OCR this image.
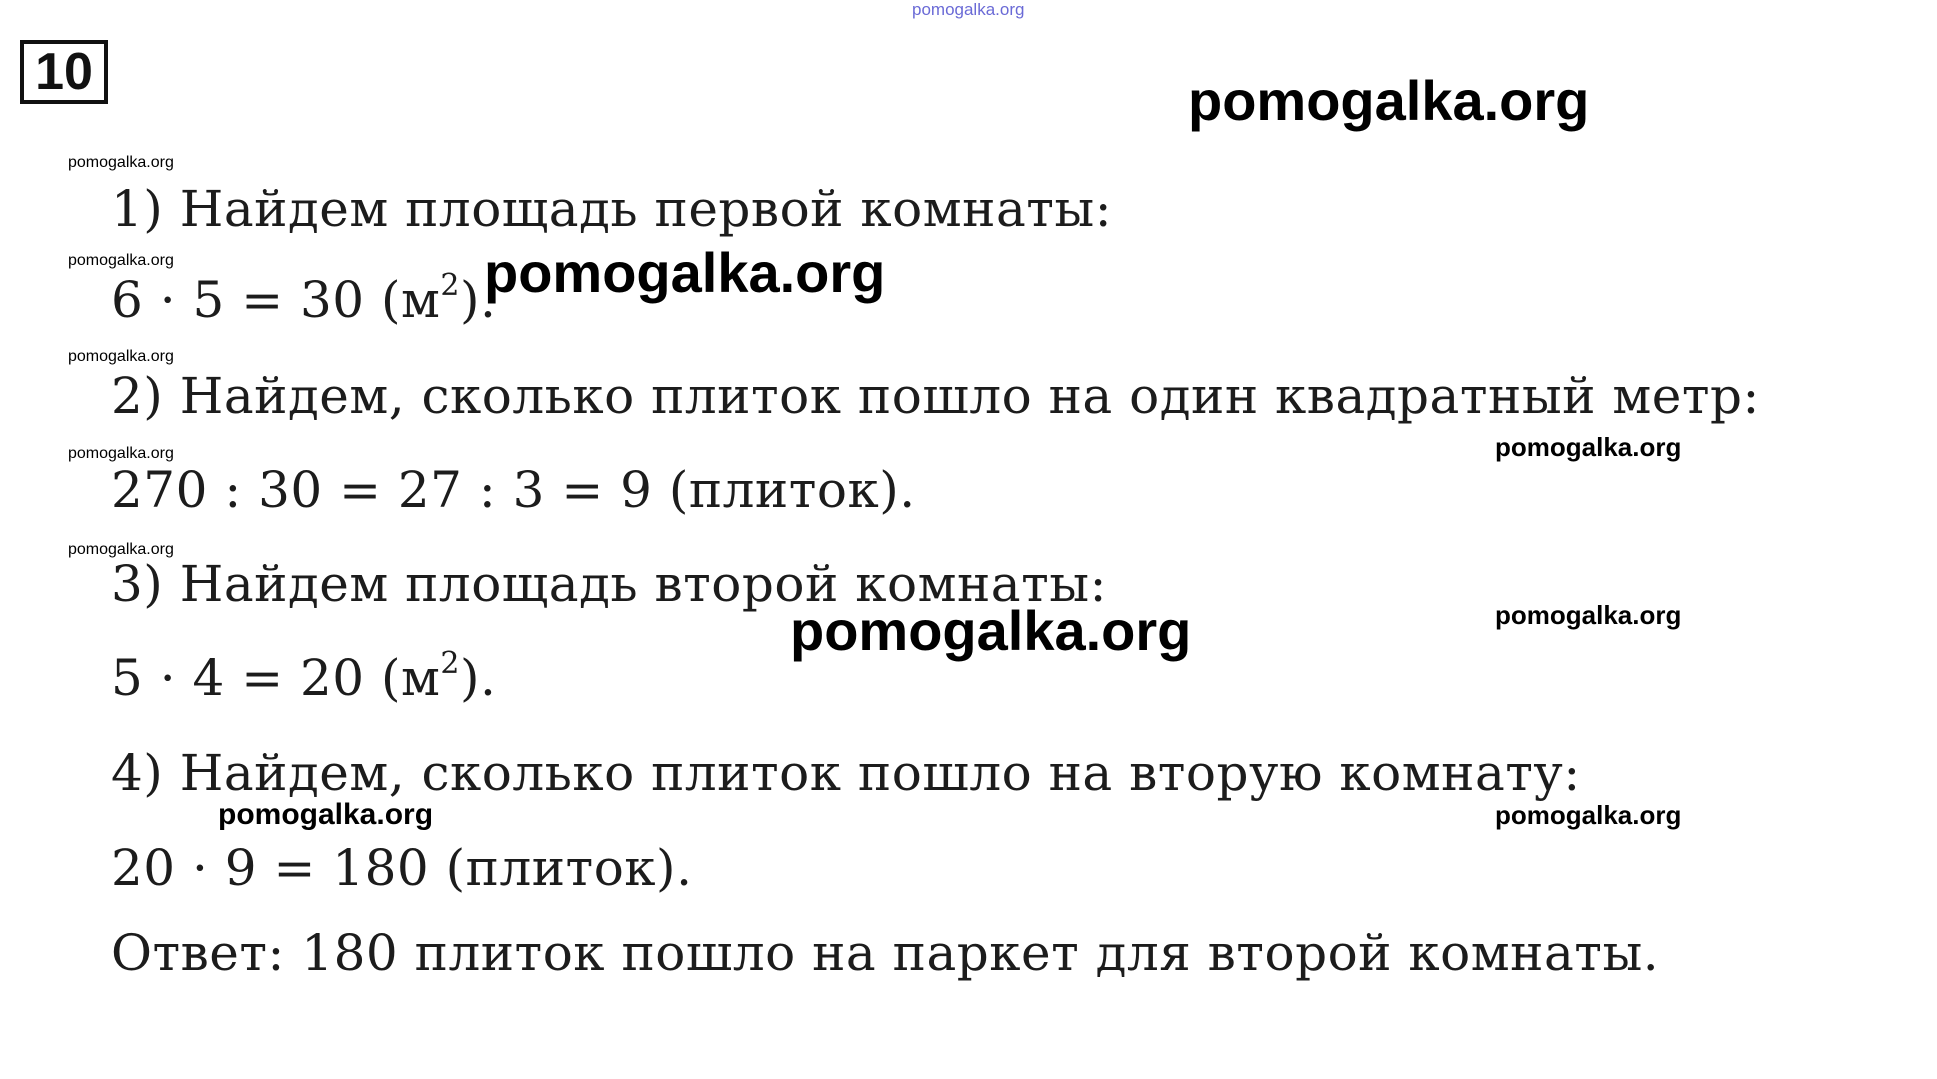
pomogalka.org
pomogalka.org
pomogalka.org
pomogalka.org
pomogalka.org
pomogalka.org
pomogalka.org
pomogalka.org
pomogalka.org
pomogalka.org
pomogalka.org
10
1) Найдем площадь первой комнаты:
6 · 5 = 30 $(м^2)$.
2) Найдем, сколько плиток пошло на один квадратный метр:
270 : 30 = 27 : 3 = 9 (плиток).
3) Найдем площадь второй комнаты:
5 · 4 = 20 $(м^2)$.
4) Найдем, сколько плиток пошло на вторую комнату:
20 · 9 = 180 (плиток).
Ответ: 180 плиток пошло на паркет для второй комнаты.
pomogalka.org
pomogalka.org
